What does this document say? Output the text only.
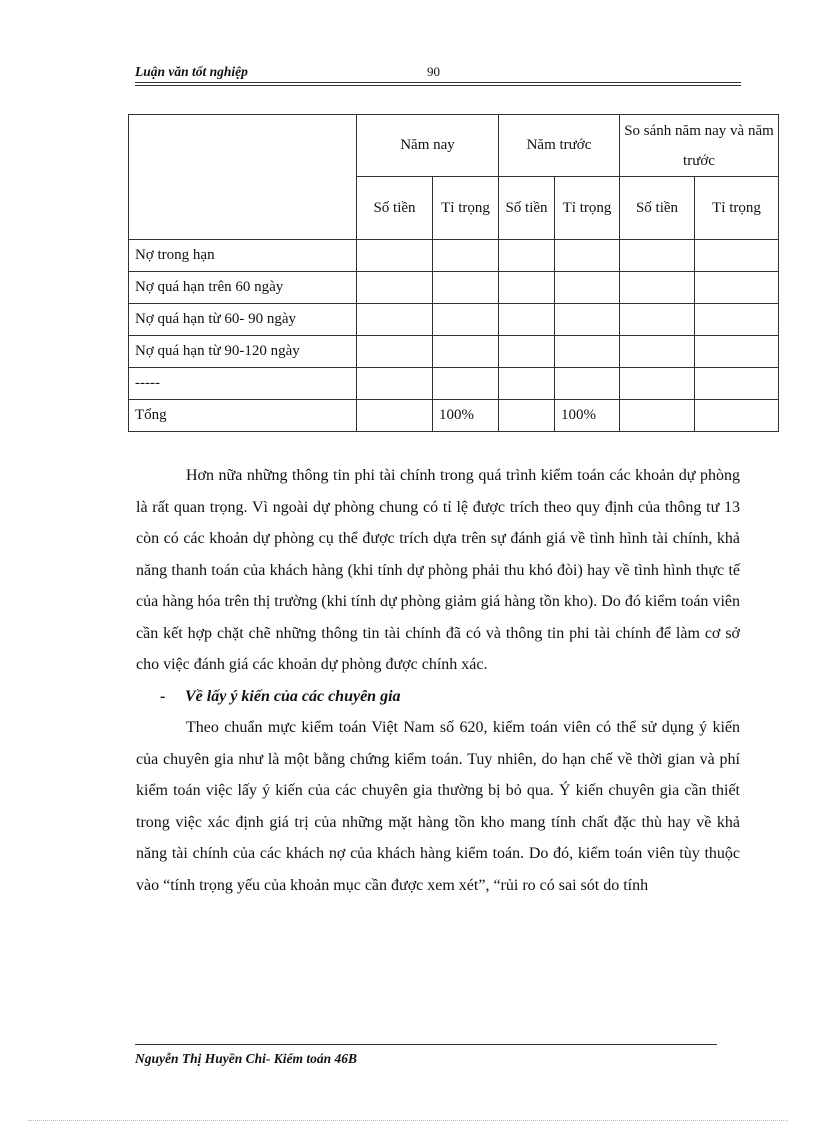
Luận văn tốt nghiệp	90
	Năm nay		Năm trước		So sánh năm nay và năm trước	
	Số tiền	Tỉ trọng	Số tiền	Tỉ trọng	Số tiền	Tỉ trọng
Nợ trong hạn						
Nợ quá hạn trên 60 ngày						
Nợ quá hạn từ 60- 90 ngày						
Nợ quá hạn từ 90-120 ngày						
-----						
Tổng		100%		100%		

Hơn nữa những thông tin phi tài chính trong quá trình kiểm toán các khoản dự phòng là rất quan trọng. Vì ngoài dự phòng chung có tỉ lệ được trích theo quy định của thông tư 13 còn có các khoản dự phòng cụ thể được trích dựa trên sự đánh giá về tình hình tài chính, khả năng thanh toán của khách hàng (khi tính dự phòng phải thu khó đòi) hay về tình hình thực tế của hàng hóa trên thị trường (khi tính dự phòng giảm giá hàng tồn kho). Do đó kiểm toán viên cần kết hợp chặt chẽ những thông tin tài chính đã có và thông tin phi tài chính để làm cơ sở cho việc đánh giá các khoản dự phòng được chính xác.

- Về lấy ý kiến của các chuyên gia

Theo chuẩn mực kiểm toán Việt Nam số 620, kiểm toán viên có thể sử dụng ý kiến của chuyên gia như là một bằng chứng kiểm toán. Tuy nhiên, do hạn chế về thời gian và phí kiểm toán việc lấy ý kiến của các chuyên gia thường bị bỏ qua. Ý kiến chuyên gia cần thiết trong việc xác định giá trị của những mặt hàng tồn kho mang tính chất đặc thù hay về khả năng tài chính của các khách nợ của khách hàng kiểm toán. Do đó, kiểm toán viên tùy thuộc vào “tính trọng yếu của khoản mục cần được xem xét”, “rủi ro có sai sót do tính

Nguyễn Thị Huyền Chi- Kiểm toán 46B
